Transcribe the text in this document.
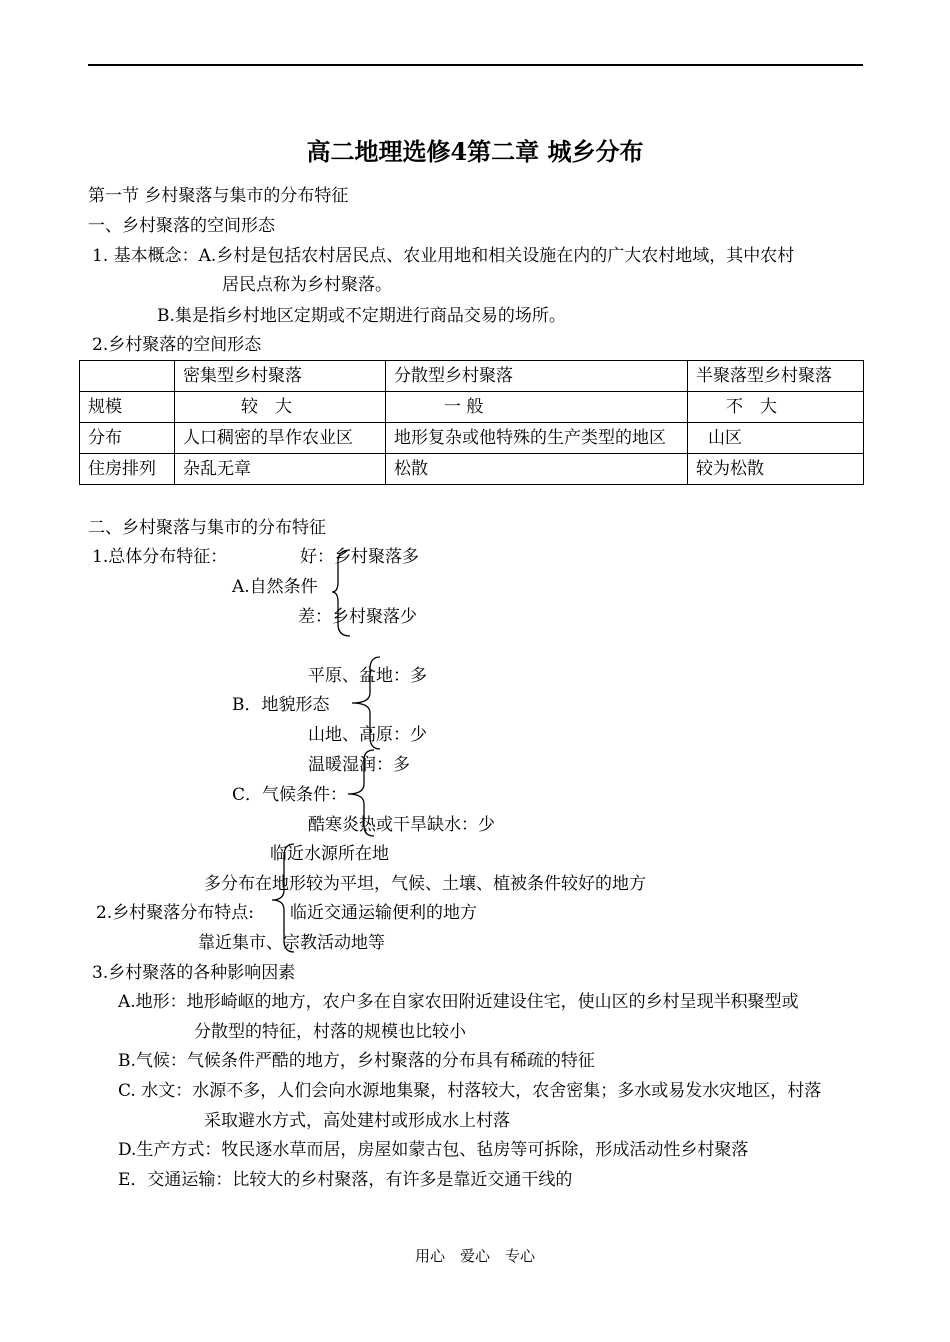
高二地理选修4第二章 城乡分布
第一节 乡村聚落与集市的分布特征
一、乡村聚落的空间形态
1. 基本概念：A.乡村是包括农村居民点、农业用地和相关设施在内的广大农村地域，其中农村
居民点称为乡村聚落。
B.集是指乡村地区定期或不定期进行商品交易的场所。
2.乡村聚落的空间形态
	密集型乡村聚落	分散型乡村聚落	半聚落型乡村聚落
规模	较　大	一 般	不　大
分布	人口稠密的旱作农业区	地形复杂或他特殊的生产类型的地区	山区
住房排列	杂乱无章	松散	较为松散
二、乡村聚落与集市的分布特征
1.总体分布特征：	好：乡村聚落多
A.自然条件
差：乡村聚落少
平原、盆地：多
B．地貌形态
山地、高原：少
温暖湿润：多
C．气候条件：
酷寒炎热或干旱缺水：少
临近水源所在地
多分布在地形较为平坦，气候、土壤、植被条件较好的地方
2.乡村聚落分布特点: 临近交通运输便利的地方
靠近集市、宗教活动地等
3.乡村聚落的各种影响因素
A.地形：地形崎岖的地方，农户多在自家农田附近建设住宅，使山区的乡村呈现半积聚型或
分散型的特征，村落的规模也比较小
B.气候：气候条件严酷的地方，乡村聚落的分布具有稀疏的特征
C. 水文：水源不多，人们会向水源地集聚，村落较大，农舍密集；多水或易发水灾地区，村落
采取避水方式，高处建村或形成水上村落
D.生产方式：牧民逐水草而居，房屋如蒙古包、毡房等可拆除，形成活动性乡村聚落
E．交通运输：比较大的乡村聚落，有许多是靠近交通干线的
用心　爱心　专心
